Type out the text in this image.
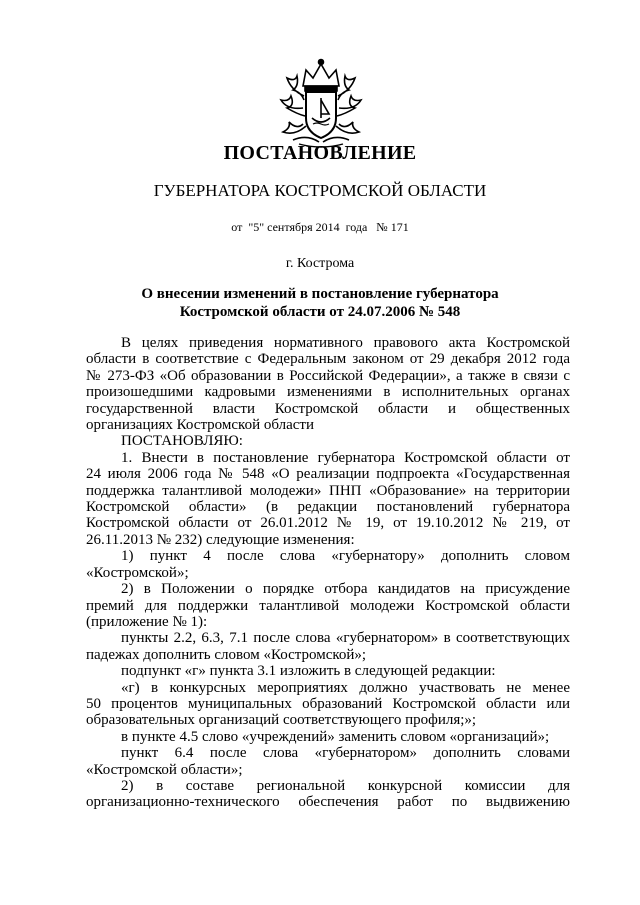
ПОСТАНОВЛЕНИЕ
ГУБЕРНАТОРА КОСТРОМСКОЙ ОБЛАСТИ
от  "5" сентября 2014  года   № 171
г. Кострома
О внесении изменений в постановление губернатора
Костромской области от 24.07.2006 № 548
В целях приведения нормативного правового акта Костромской
области в соответствие с Федеральным законом от 29 декабря 2012 года
№ 273-ФЗ «Об образовании в Российской Федерации», а также в связи с
произошедшими кадровыми изменениями в исполнительных органах
государственной власти Костромской области и общественных
организациях Костромской области
ПОСТАНОВЛЯЮ:
1. Внести в постановление губернатора Костромской области от
24 июля 2006 года № 548 «О реализации подпроекта «Государственная
поддержка талантливой молодежи» ПНП «Образование» на территории
Костромской области» (в редакции постановлений губернатора
Костромской области от 26.01.2012 № 19, от 19.10.2012 № 219, от
26.11.2013 № 232) следующие изменения:
1) пункт 4 после слова «губернатору» дополнить словом
«Костромской»;
2) в Положении о порядке отбора кандидатов на присуждение
премий для поддержки талантливой молодежи Костромской области
(приложение № 1):
пункты 2.2, 6.3, 7.1 после слова «губернатором» в соответствующих
падежах дополнить словом «Костромской»;
подпункт «г» пункта 3.1 изложить в следующей редакции:
«г) в конкурсных мероприятиях должно участвовать не менее
50 процентов муниципальных образований Костромской области или
образовательных организаций соответствующего профиля;»;
в пункте 4.5 слово «учреждений» заменить словом «организаций»;
пункт 6.4 после слова «губернатором» дополнить словами
«Костромской области»;
2) в составе региональной конкурсной комиссии для
организационно-технического обеспечения работ по выдвижению
